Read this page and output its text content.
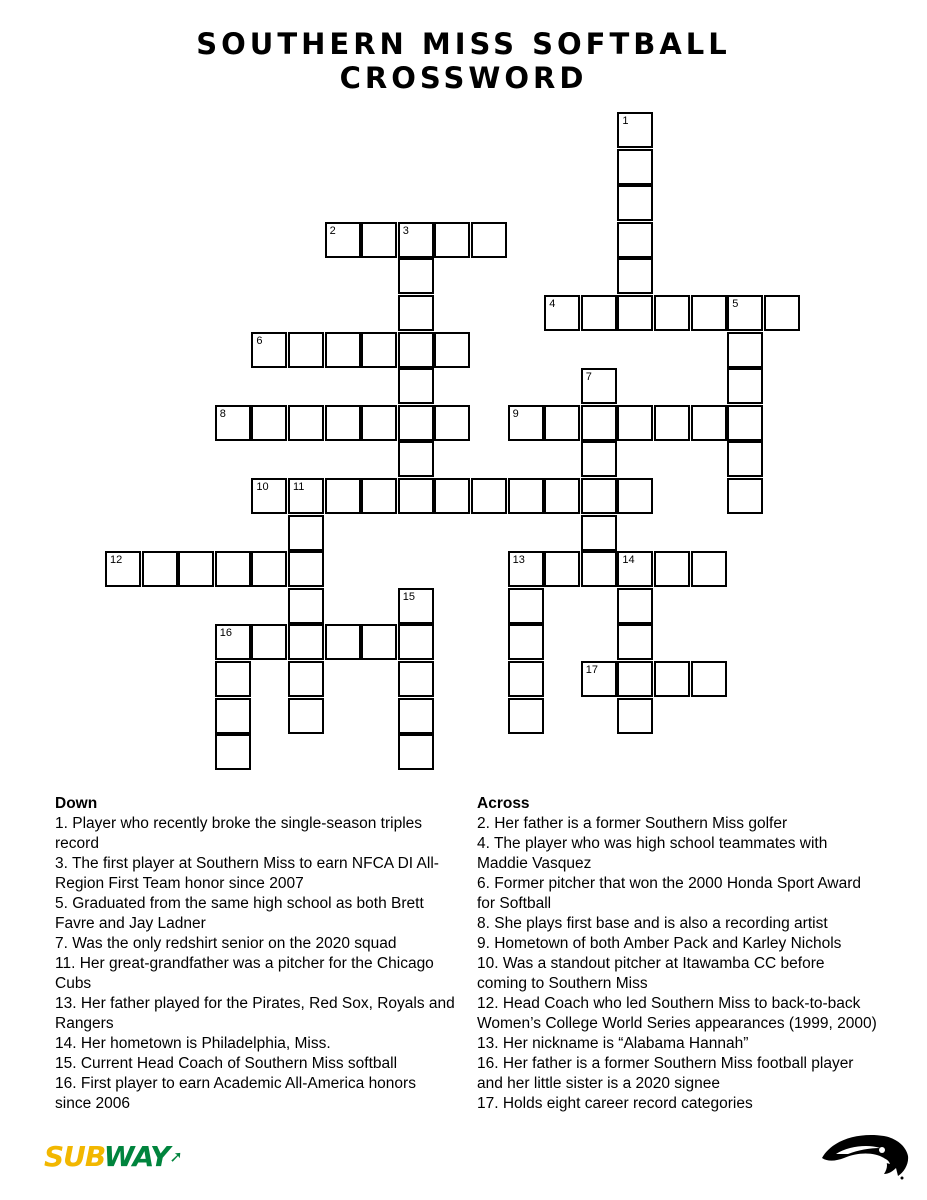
SOUTHERN MISS SOFTBALL
CROSSWORD
1
2	3
4	5
6
7
8	9
10 11
12	13	14
15
16
17
Down
1. Player who recently broke the single-season triples record
3. The first player at Southern Miss to earn NFCA DI All-Region First Team honor since 2007
5. Graduated from the same high school as both Brett Favre and Jay Ladner
7. Was the only redshirt senior on the 2020 squad
11. Her great-grandfather was a pitcher for the Chicago Cubs
13. Her father played for the Pirates, Red Sox, Royals and Rangers
14. Her hometown is Philadelphia, Miss.
15. Current Head Coach of Southern Miss softball
16. First player to earn Academic All-America honors since 2006
Across
2. Her father is a former Southern Miss golfer
4. The player who was high school teammates with Maddie Vasquez
6. Former pitcher that won the 2000 Honda Sport Award for Softball
8. She plays first base and is also a recording artist
9. Hometown of both Amber Pack and Karley Nichols
10. Was a standout pitcher at Itawamba CC before coming to Southern Miss
12. Head Coach who led Southern Miss to back-to-back Women’s College World Series appearances (1999, 2000)
13. Her nickname is “Alabama Hannah”
16. Her father is a former Southern Miss football player and her little sister is a 2020 signee
17. Holds eight career record categories
SUBWAY➚
